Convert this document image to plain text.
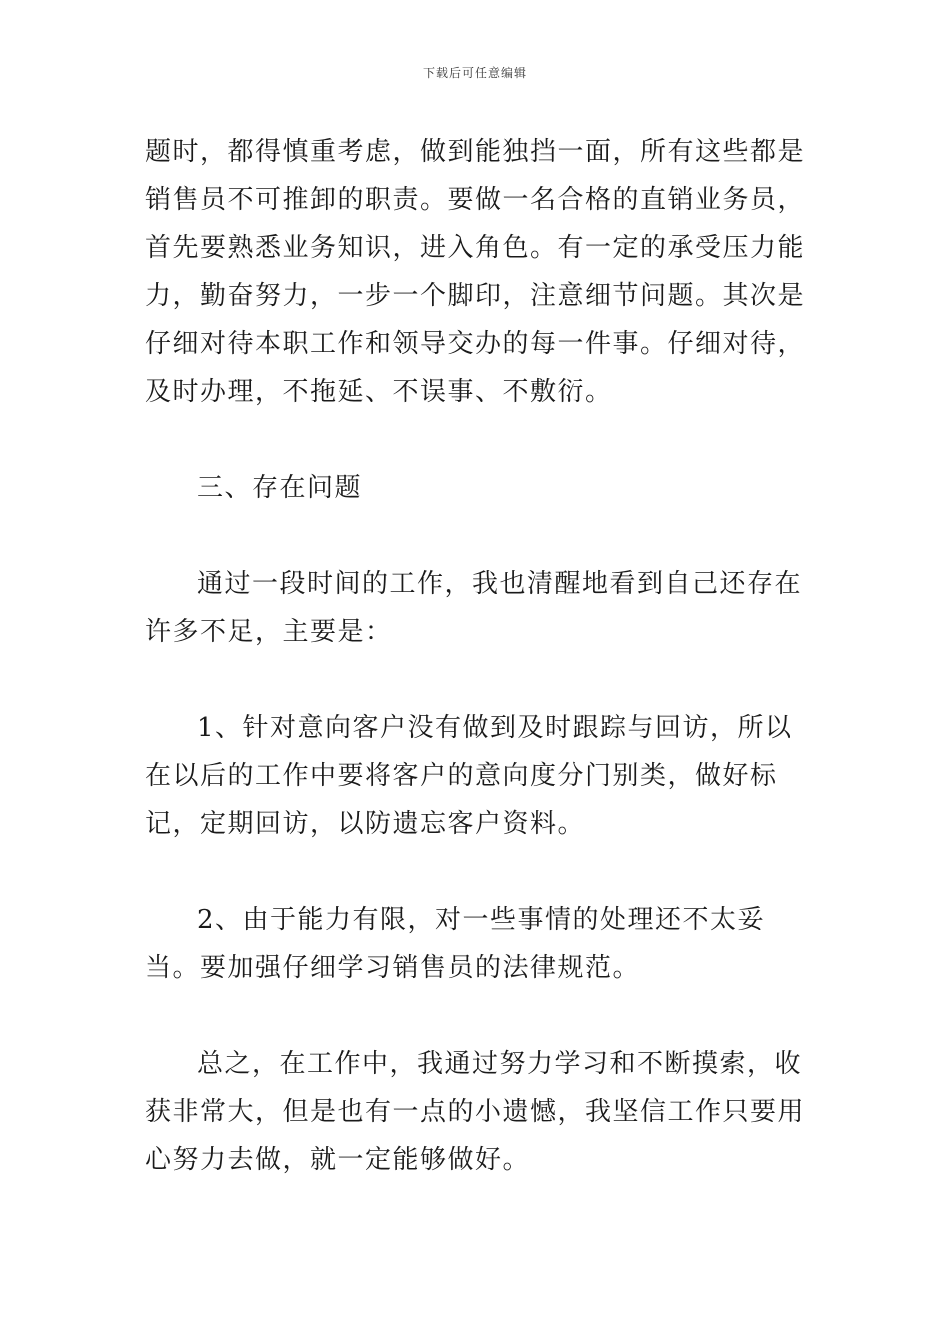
下载后可任意编辑

题时，都得慎重考虑，做到能独挡一面，所有这些都是销售员不可推卸的职责。要做一名合格的直销业务员，首先要熟悉业务知识，进入角色。有一定的承受压力能力，勤奋努力，一步一个脚印，注意细节问题。其次是仔细对待本职工作和领导交办的每一件事。仔细对待，及时办理，不拖延、不误事、不敷衍。

三、存在问题

通过一段时间的工作，我也清醒地看到自己还存在许多不足，主要是：

1、针对意向客户没有做到及时跟踪与回访，所以在以后的工作中要将客户的意向度分门别类，做好标记，定期回访，以防遗忘客户资料。

2、由于能力有限，对一些事情的处理还不太妥当。要加强仔细学习销售员的法律规范。

总之，在工作中，我通过努力学习和不断摸索，收获非常大，但是也有一点的小遗憾，我坚信工作只要用心努力去做，就一定能够做好。
